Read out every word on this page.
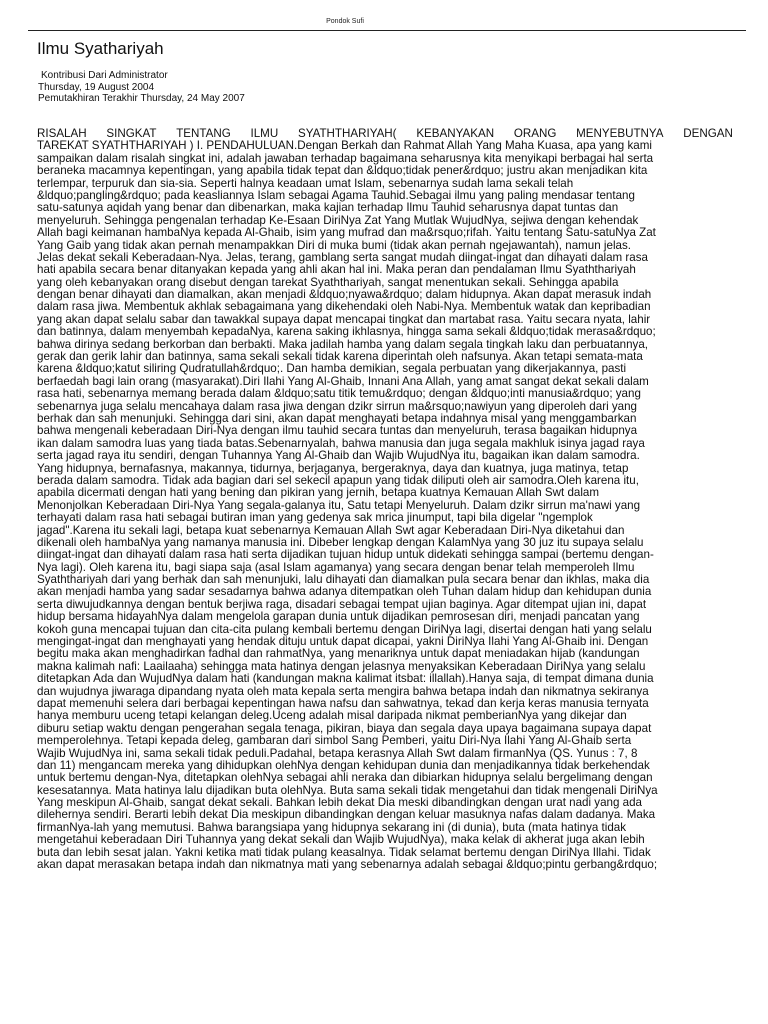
Pondok Sufi
Ilmu Syathariyah
Kontribusi Dari Administrator
Thursday, 19 August 2004
Pemutakhiran Terakhir Thursday, 24 May 2007
RISALAH SINGKAT TENTANG ILMU SYATHTHARIYAH( KEBANYAKAN ORANG MENYEBUTNYA DENGAN
TAREKAT SYATHTHARIYAH ) I. PENDAHULUAN.Dengan Berkah dan Rahmat Allah Yang Maha Kuasa, apa yang kami
sampaikan dalam risalah singkat ini, adalah jawaban terhadap bagaimana seharusnya kita menyikapi berbagai hal serta
beraneka macamnya kepentingan, yang apabila tidak tepat dan &ldquo;tidak pener&rdquo; justru akan menjadikan kita
terlempar, terpuruk dan sia-sia. Seperti halnya keadaan umat Islam, sebenarnya sudah lama sekali telah
&ldquo;pangling&rdquo; pada keasliannya Islam sebagai Agama Tauhid.Sebagai ilmu yang paling mendasar tentang
satu-satunya aqidah yang benar dan dibenarkan, maka kajian terhadap Ilmu Tauhid seharusnya dapat tuntas dan
menyeluruh. Sehingga pengenalan terhadap Ke-Esaan DiriNya Zat Yang Mutlak WujudNya, sejiwa dengan kehendak
Allah bagi keimanan hambaNya kepada Al-Ghaib, isim yang mufrad dan ma&rsquo;rifah. Yaitu tentang Satu-satuNya Zat
Yang Gaib yang tidak akan pernah menampakkan Diri di muka bumi (tidak akan pernah ngejawantah), namun jelas.
Jelas dekat sekali Keberadaan-Nya. Jelas, terang, gamblang serta sangat mudah diingat-ingat dan dihayati dalam rasa
hati apabila secara benar ditanyakan kepada yang ahli akan hal ini. Maka peran dan pendalaman Ilmu Syaththariyah
yang oleh kebanyakan orang disebut dengan tarekat Syaththariyah, sangat menentukan sekali. Sehingga apabila
dengan benar dihayati dan diamalkan, akan menjadi &ldquo;nyawa&rdquo; dalam hidupnya. Akan dapat merasuk indah
dalam rasa jiwa. Membentuk akhlak sebagaimana yang dikehendaki oleh Nabi-Nya. Membentuk watak dan kepribadian
yang akan dapat selalu sabar dan tawakkal supaya dapat mencapai tingkat dan martabat rasa. Yaitu secara nyata, lahir
dan batinnya, dalam menyembah kepadaNya, karena saking ikhlasnya, hingga sama sekali &ldquo;tidak merasa&rdquo;
bahwa dirinya sedang berkorban dan berbakti. Maka jadilah hamba yang dalam segala tingkah laku dan perbuatannya,
gerak dan gerik lahir dan batinnya, sama sekali sekali tidak karena diperintah oleh nafsunya. Akan tetapi semata-mata
karena &ldquo;katut siliring Qudratullah&rdquo;. Dan hamba demikian, segala perbuatan yang dikerjakannya, pasti
berfaedah bagi lain orang (masyarakat).Diri Ilahi Yang Al-Ghaib, Innani Ana Allah, yang amat sangat dekat sekali dalam
rasa hati, sebenarnya memang berada dalam &ldquo;satu titik temu&rdquo; dengan &ldquo;inti manusia&rdquo; yang
sebenarnya juga selalu mencahaya dalam rasa jiwa dengan dzikr sirrun ma&rsquo;nawiyun yang diperoleh dari yang
berhak dan sah menunjuki. Sehingga dari sini, akan dapat menghayati betapa indahnya misal yang menggambarkan
bahwa mengenali keberadaan Diri-Nya dengan ilmu tauhid secara tuntas dan menyeluruh, terasa bagaikan hidupnya
ikan dalam samodra luas yang tiada batas.Sebenarnyalah, bahwa manusia dan juga segala makhluk isinya jagad raya
serta jagad raya itu sendiri, dengan Tuhannya Yang Al-Ghaib dan Wajib WujudNya itu, bagaikan ikan dalam samodra.
Yang hidupnya, bernafasnya, makannya, tidurnya, berjaganya, bergeraknya, daya dan kuatnya, juga matinya, tetap
berada dalam samodra. Tidak ada bagian dari sel sekecil apapun yang tidak diliputi oleh air samodra.Oleh karena itu,
apabila dicermati dengan hati yang bening dan pikiran yang jernih, betapa kuatnya Kemauan Allah Swt dalam
Menonjolkan Keberadaan Diri-Nya Yang segala-galanya itu, Satu tetapi Menyeluruh. Dalam dzikr sirrun ma'nawi yang
terhayati dalam rasa hati sebagai butiran iman yang gedenya sak mrica jinumput, tapi bila digelar "ngemplok
jagad".Karena itu sekali lagi, betapa kuat sebenarnya Kemauan Allah Swt agar Keberadaan Diri-Nya diketahui dan
dikenali oleh hambaNya yang namanya manusia ini. Dibeber lengkap dengan KalamNya yang 30 juz itu supaya selalu
diingat-ingat dan dihayati dalam rasa hati serta dijadikan tujuan hidup untuk didekati sehingga sampai (bertemu dengan-
Nya lagi). Oleh karena itu, bagi siapa saja (asal Islam agamanya) yang secara dengan benar telah memperoleh Ilmu
Syaththariyah dari yang berhak dan sah menunjuki, lalu dihayati dan diamalkan pula secara benar dan ikhlas, maka dia
akan menjadi hamba yang sadar sesadarnya bahwa adanya ditempatkan oleh Tuhan dalam hidup dan kehidupan dunia
serta diwujudkannya dengan bentuk berjiwa raga, disadari sebagai tempat ujian baginya. Agar ditempat ujian ini, dapat
hidup bersama hidayahNya dalam mengelola garapan dunia untuk dijadikan pemrosesan diri, menjadi pancatan yang
kokoh guna mencapai tujuan dan cita-cita pulang kembali bertemu dengan DiriNya lagi, disertai dengan hati yang selalu
mengingat-ingat dan menghayati yang hendak dituju untuk dapat dicapai, yakni DiriNya Ilahi Yang Al-Ghaib ini. Dengan
begitu maka akan menghadirkan fadhal dan rahmatNya, yang menariknya untuk dapat meniadakan hijab (kandungan
makna kalimah nafi: Laailaaha) sehingga mata hatinya dengan jelasnya menyaksikan Keberadaan DiriNya yang selalu
ditetapkan Ada dan WujudNya dalam hati (kandungan makna kalimat itsbat: illallah).Hanya saja, di tempat dimana dunia
dan wujudnya jiwaraga dipandang nyata oleh mata kepala serta mengira bahwa betapa indah dan nikmatnya sekiranya
dapat memenuhi selera dari berbagai kepentingan hawa nafsu dan sahwatnya, tekad dan kerja keras manusia ternyata
hanya memburu uceng tetapi kelangan deleg.Uceng adalah misal daripada nikmat pemberianNya yang dikejar dan
diburu setiap waktu dengan pengerahan segala tenaga, pikiran, biaya dan segala daya upaya bagaimana supaya dapat
memperolehnya. Tetapi kepada deleg, gambaran dari simbol Sang Pemberi, yaitu Diri-Nya Ilahi Yang Al-Ghaib serta
Wajib WujudNya ini, sama sekali tidak peduli.Padahal, betapa kerasnya Allah Swt dalam firmanNya (QS. Yunus : 7, 8
dan 11) mengancam mereka yang dihidupkan olehNya dengan kehidupan dunia dan menjadikannya tidak berkehendak
untuk bertemu dengan-Nya, ditetapkan olehNya sebagai ahli neraka dan dibiarkan hidupnya selalu bergelimang dengan
kesesatannya. Mata hatinya lalu dijadikan buta olehNya. Buta sama sekali tidak mengetahui dan tidak mengenali DiriNya
Yang meskipun Al-Ghaib, sangat dekat sekali. Bahkan lebih dekat Dia meski dibandingkan dengan urat nadi yang ada
dilehernya sendiri. Berarti lebih dekat Dia meskipun dibandingkan dengan keluar masuknya nafas dalam dadanya. Maka
firmanNya-lah yang memutusi. Bahwa barangsiapa yang hidupnya sekarang ini (di dunia), buta (mata hatinya tidak
mengetahui keberadaan Diri Tuhannya yang dekat sekali dan Wajib WujudNya), maka kelak di akherat juga akan lebih
buta dan lebih sesat jalan. Yakni ketika mati tidak pulang keasalnya. Tidak selamat bertemu dengan DiriNya Illahi. Tidak
akan dapat merasakan betapa indah dan nikmatnya mati yang sebenarnya adalah sebagai &ldquo;pintu gerbang&rdquo;
